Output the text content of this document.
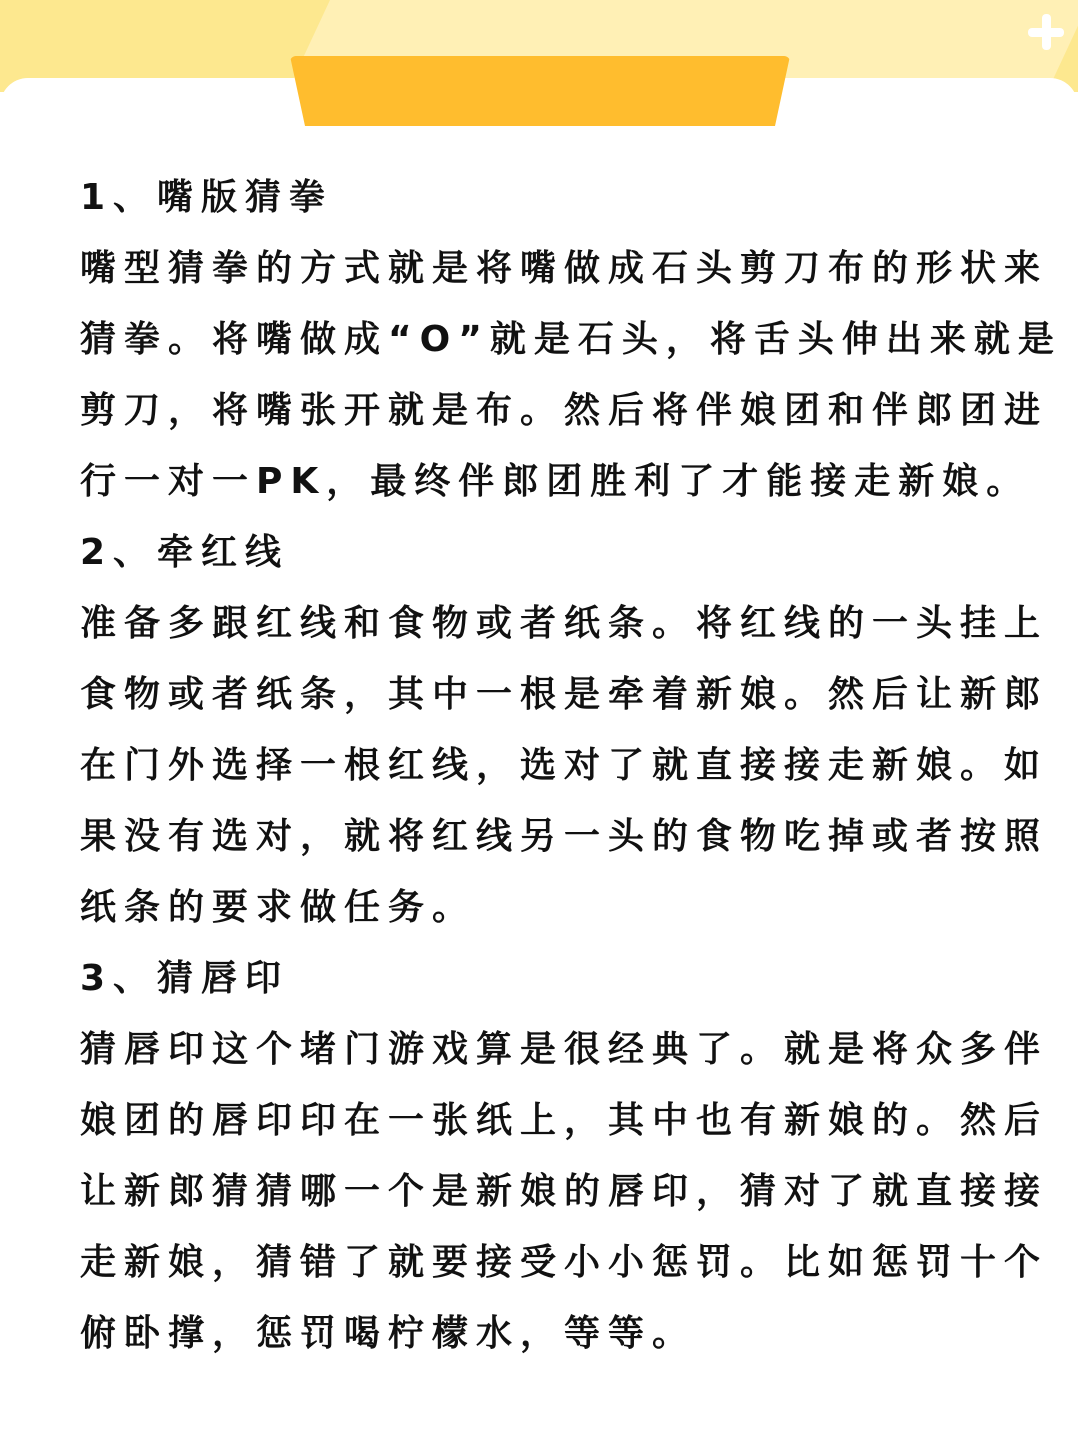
1、嘴版猜拳

嘴型猜拳的方式就是将嘴做成石头剪刀布的形状来猜拳。将嘴做成“O”就是石头，将舌头伸出来就是剪刀，将嘴张开就是布。然后将伴娘团和伴郎团进行一对一PK，最终伴郎团胜利了才能接走新娘。

2、牵红线

准备多跟红线和食物或者纸条。将红线的一头挂上食物或者纸条，其中一根是牵着新娘。然后让新郎在门外选择一根红线，选对了就直接接走新娘。如果没有选对，就将红线另一头的食物吃掉或者按照纸条的要求做任务。

3、猜唇印

猜唇印这个堵门游戏算是很经典了。就是将众多伴娘团的唇印印在一张纸上，其中也有新娘的。然后让新郎猜猜哪一个是新娘的唇印，猜对了就直接接走新娘，猜错了就要接受小小惩罚。比如惩罚十个俯卧撑，惩罚喝柠檬水，等等。
